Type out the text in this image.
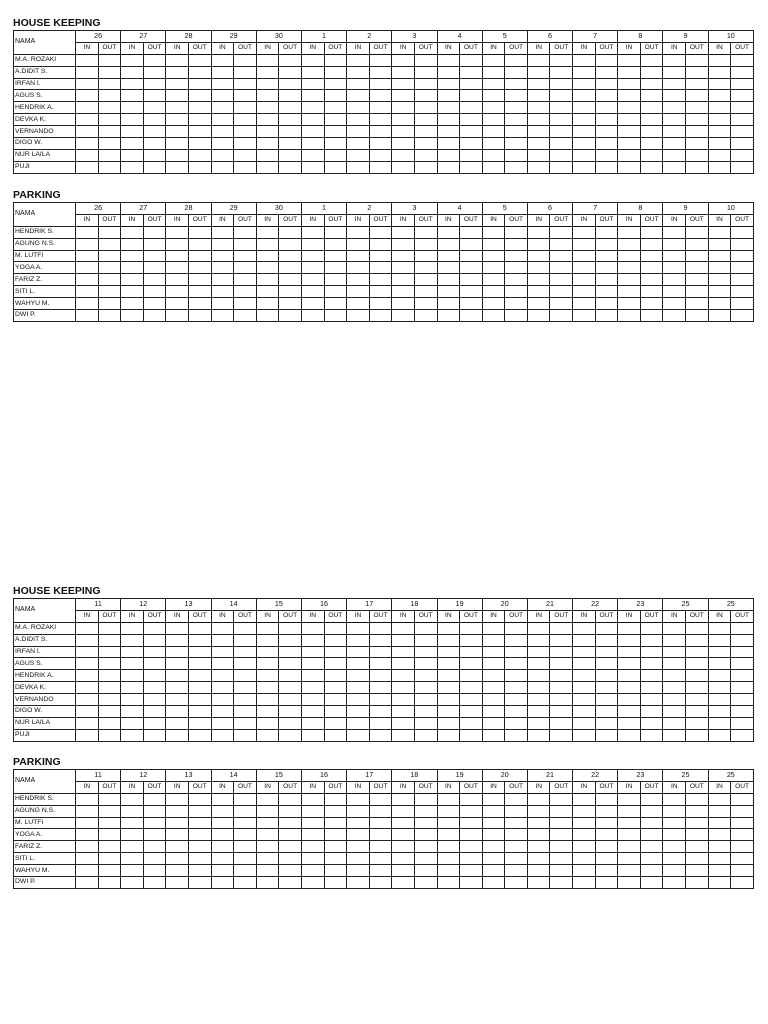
HOUSE KEEPING
NAMA	26		27		28		29		30		1		2		3		4		5		6		7		8		9		10	
	IN	OUT	IN	OUT	IN	OUT	IN	OUT	IN	OUT	IN	OUT	IN	OUT	IN	OUT	IN	OUT	IN	OUT	IN	OUT	IN	OUT	IN	OUT	IN	OUT	IN	OUT
M.A. ROZAKI																														
A.DIDIT S.																														
IRFAN I.																														
AGUS S.																														
HENDRIK A.																														
DEVKA K.																														
VERNANDO																														
DIGO W.																														
NUR LAILA																														
PUJI																														
PARKING
NAMA	26		27		28		29		30		1		2		3		4		5		6		7		8		9		10	
	IN	OUT	IN	OUT	IN	OUT	IN	OUT	IN	OUT	IN	OUT	IN	OUT	IN	OUT	IN	OUT	IN	OUT	IN	OUT	IN	OUT	IN	OUT	IN	OUT	IN	OUT
HENDRIK S.																														
AGUNG N.S.																														
M. LUTFI																														
YOGA A.																														
FARIZ Z.																														
SITI L.																														
WAHYU M.																														
DWI P.																														
HOUSE KEEPING
NAMA	11		12		13		14		15		16		17		18		19		20		21		22		23		25		25	
	IN	OUT	IN	OUT	IN	OUT	IN	OUT	IN	OUT	IN	OUT	IN	OUT	IN	OUT	IN	OUT	IN	OUT	IN	OUT	IN	OUT	IN	OUT	IN	OUT	IN	OUT
M.A. ROZAKI																														
A.DIDIT S.																														
IRFAN I.																														
AGUS S.																														
HENDRIK A.																														
DEVKA K.																														
VERNANDO																														
DIGO W.																														
NUR LAILA																														
PUJI																														
PARKING
NAMA	11		12		13		14		15		16		17		18		19		20		21		22		23		25		25	
	IN	OUT	IN	OUT	IN	OUT	IN	OUT	IN	OUT	IN	OUT	IN	OUT	IN	OUT	IN	OUT	IN	OUT	IN	OUT	IN	OUT	IN	OUT	IN	OUT	IN	OUT
HENDRIK S.																														
AGUNG N.S.																														
M. LUTFI																														
YOGA A.																														
FARIZ Z.																														
SITI L.																														
WAHYU M.																														
DWI P.																														
